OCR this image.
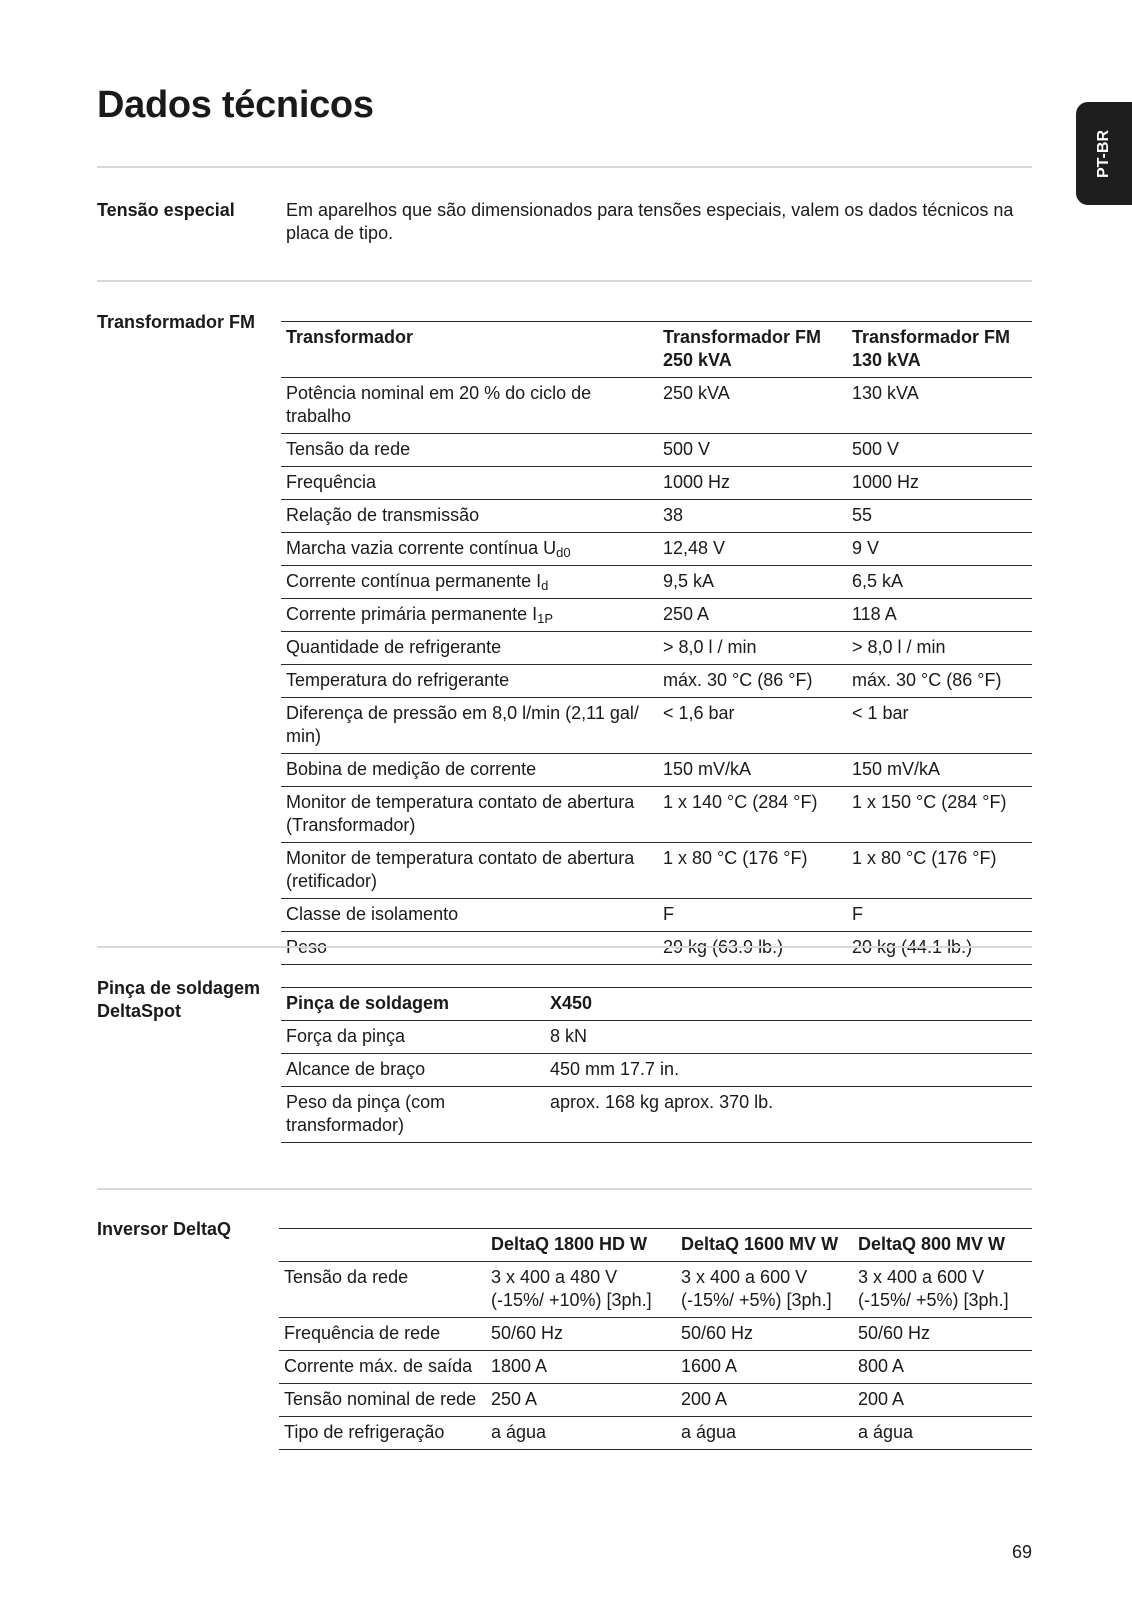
Dados técnicos
PT-BR
Tensão especial	Em aparelhos que são dimensionados para tensões especiais, valem os dados técnicos na placa de tipo.
Transformador FM
Transformador	Transformador FM 250 kVA	Transformador FM 130 kVA
Potência nominal em 20 % do ciclo de trabalho	250 kVA	130 kVA
Tensão da rede	500 V	500 V
Frequência	1000 Hz	1000 Hz
Relação de transmissão	38	55
Marcha vazia corrente contínua $U_{d0}$	12,48 V	9 V
Corrente contínua permanente $I_d$	9,5 kA	6,5 kA
Corrente primária permanente $I_{1P}$	250 A	118 A
Quantidade de refrigerante	> 8,0 l / min	> 8,0 l / min
Temperatura do refrigerante	máx. 30 °C (86 °F)	máx. 30 °C (86 °F)
Diferença de pressão em 8,0 l/min (2,11 gal/ min)	< 1,6 bar	< 1 bar
Bobina de medição de corrente	150 mV/kA	150 mV/kA
Monitor de temperatura contato de abertura (Transformador)	1 x 140 °C (284 °F)	1 x 150 °C (284 °F)
Monitor de temperatura contato de abertura (retificador)	1 x 80 °C (176 °F)	1 x 80 °C (176 °F)
Classe de isolamento	F	F
Peso	29 kg (63.9 lb.)	20 kg (44.1 lb.)
Pinça de soldagem DeltaSpot	Pinça de soldagem	X450
Força da pinça	8 kN
Alcance de braço	450 mm 17.7 in.
Peso da pinça (com transformador)	aprox. 168 kg aprox. 370 lb.
Inversor DeltaQ
	DeltaQ 1800 HD W	DeltaQ 1600 MV W	DeltaQ 800 MV W
Tensão da rede	3 x 400 a 480 V (-15%/ +10%) [3ph.]	3 x 400 a 600 V (-15%/ +5%) [3ph.]	3 x 400 a 600 V (-15%/ +5%) [3ph.]
Frequência de rede	50/60 Hz	50/60 Hz	50/60 Hz
Corrente máx. de saída	1800 A	1600 A	800 A
Tensão nominal de rede	250 A	200 A	200 A
Tipo de refrigeração	a água	a água	a água
69
